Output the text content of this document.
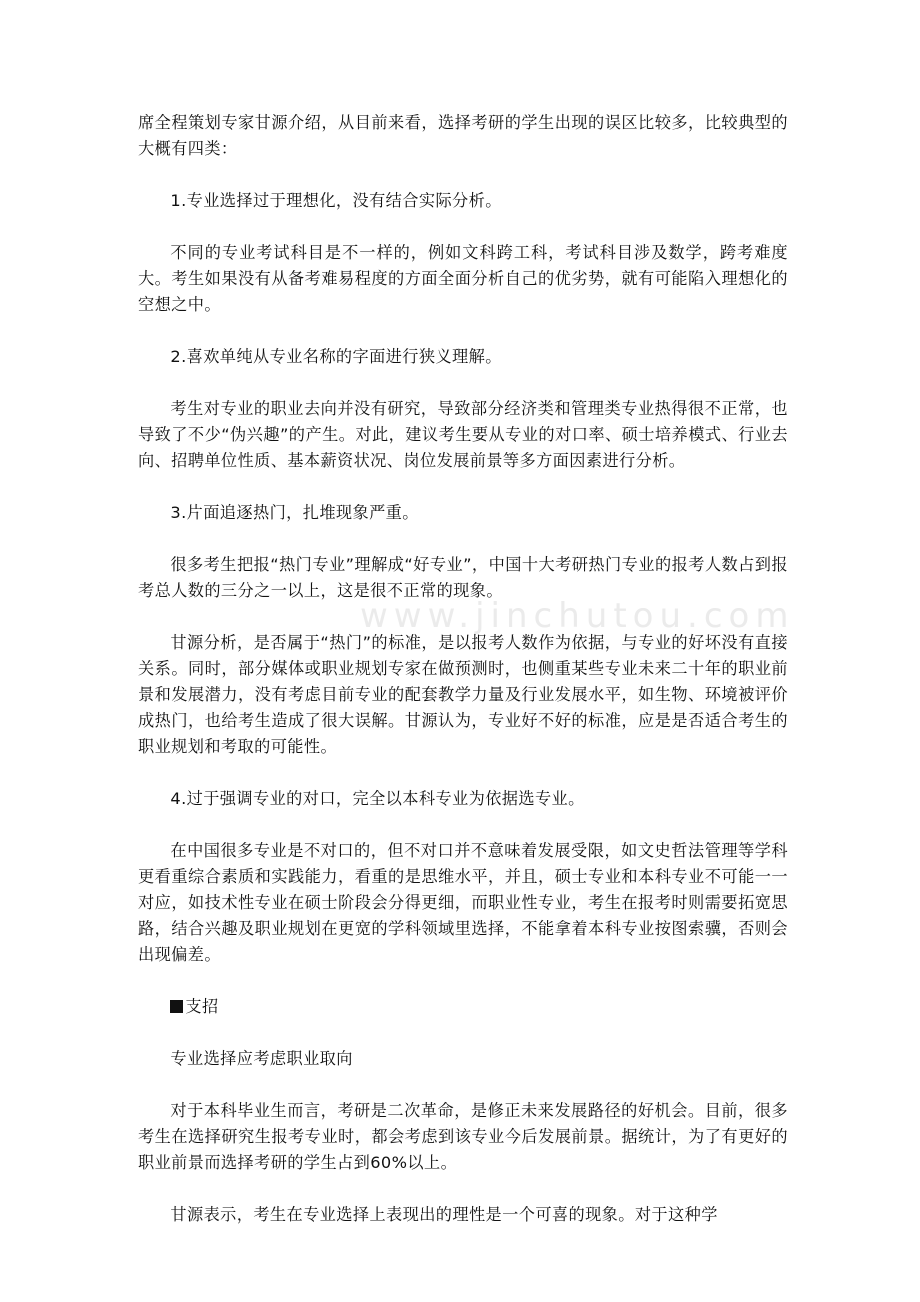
www.jinchutou.com

席全程策划专家甘源介绍，从目前来看，选择考研的学生出现的误区比较多，比较典型的大概有四类：

1.专业选择过于理想化，没有结合实际分析。

不同的专业考试科目是不一样的，例如文科跨工科，考试科目涉及数学，跨考难度大。考生如果没有从备考难易程度的方面全面分析自己的优劣势，就有可能陷入理想化的空想之中。

2.喜欢单纯从专业名称的字面进行狭义理解。

考生对专业的职业去向并没有研究，导致部分经济类和管理类专业热得很不正常，也导致了不少“伪兴趣”的产生。对此，建议考生要从专业的对口率、硕士培养模式、行业去向、招聘单位性质、基本薪资状况、岗位发展前景等多方面因素进行分析。

3.片面追逐热门，扎堆现象严重。

很多考生把报“热门专业”理解成“好专业”，中国十大考研热门专业的报考人数占到报考总人数的三分之一以上，这是很不正常的现象。

甘源分析，是否属于“热门”的标准，是以报考人数作为依据，与专业的好坏没有直接关系。同时，部分媒体或职业规划专家在做预测时，也侧重某些专业未来二十年的职业前景和发展潜力，没有考虑目前专业的配套教学力量及行业发展水平，如生物、环境被评价成热门，也给考生造成了很大误解。甘源认为，专业好不好的标准，应是是否适合考生的职业规划和考取的可能性。

4.过于强调专业的对口，完全以本科专业为依据选专业。

在中国很多专业是不对口的，但不对口并不意味着发展受限，如文史哲法管理等学科更看重综合素质和实践能力，看重的是思维水平，并且，硕士专业和本科专业不可能一一对应，如技术性专业在硕士阶段会分得更细，而职业性专业，考生在报考时则需要拓宽思路，结合兴趣及职业规划在更宽的学科领域里选择，不能拿着本科专业按图索骥，否则会出现偏差。

支招

专业选择应考虑职业取向

对于本科毕业生而言，考研是二次革命，是修正未来发展路径的好机会。目前，很多考生在选择研究生报考专业时，都会考虑到该专业今后发展前景。据统计，为了有更好的职业前景而选择考研的学生占到60%以上。

甘源表示，考生在专业选择上表现出的理性是一个可喜的现象。对于这种学
